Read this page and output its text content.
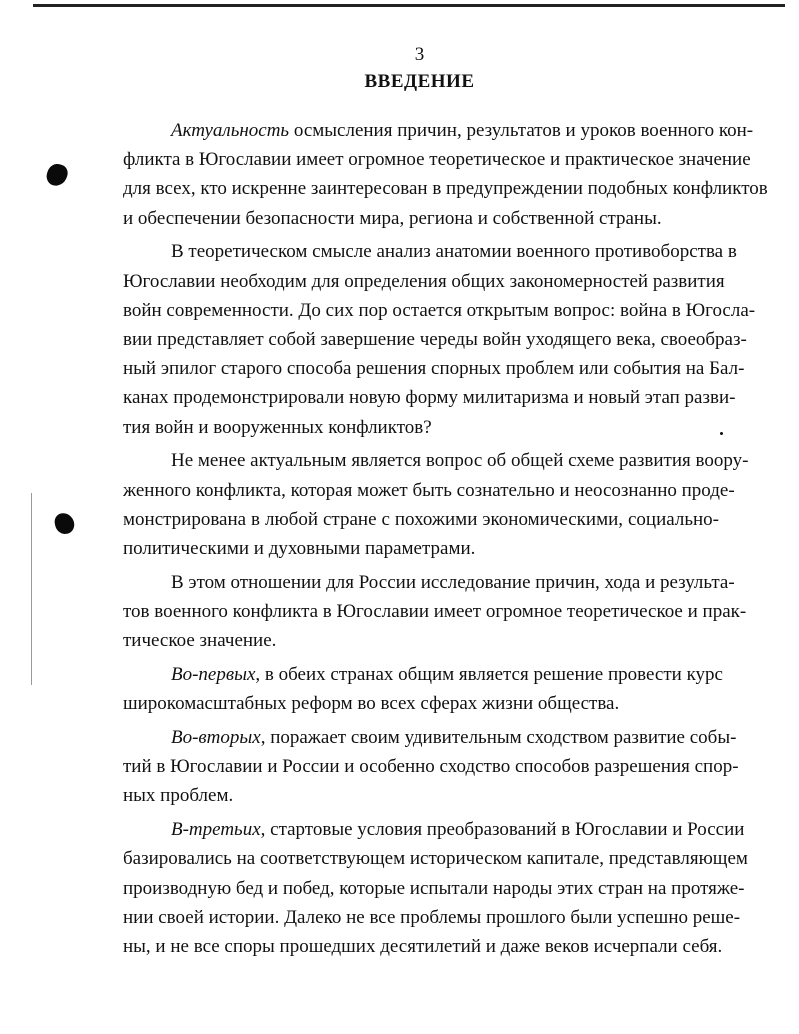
3
ВВЕДЕНИЕ

Актуальность осмысления причин, результатов и уроков военного кон-
фликта в Югославии имеет огромное теоретическое и практическое значение
для всех, кто искренне заинтересован в предупреждении подобных конфликтов
и обеспечении безопасности мира, региона и собственной страны.

В теоретическом смысле анализ анатомии военного противоборства в
Югославии необходим для определения общих закономерностей развития
войн современности. До сих пор остается открытым вопрос: война в Югосла-
вии представляет собой завершение череды войн уходящего века, своеобраз-
ный эпилог старого способа решения спорных проблем или события на Бал-
канах продемонстрировали новую форму милитаризма и новый этап разви-
тия войн и вооруженных конфликтов?

Не менее актуальным является вопрос об общей схеме развития воору-
женного конфликта, которая может быть сознательно и неосознанно проде-
монстрирована в любой стране с похожими экономическими, социально-
политическими и духовными параметрами.

В этом отношении для России исследование причин, хода и результа-
тов военного конфликта в Югославии имеет огромное теоретическое и прак-
тическое значение.

Во-первых, в обеих странах общим является решение провести курс
широкомасштабных реформ во всех сферах жизни общества.

Во-вторых, поражает своим удивительным сходством развитие собы-
тий в Югославии и России и особенно сходство способов разрешения спор-
ных проблем.

В-третьих, стартовые условия преобразований в Югославии и России
базировались на соответствующем историческом капитале, представляющем
производную бед и побед, которые испытали народы этих стран на протяже-
нии своей истории. Далеко не все проблемы прошлого были успешно реше-
ны, и не все споры прошедших десятилетий и даже веков исчерпали себя.
